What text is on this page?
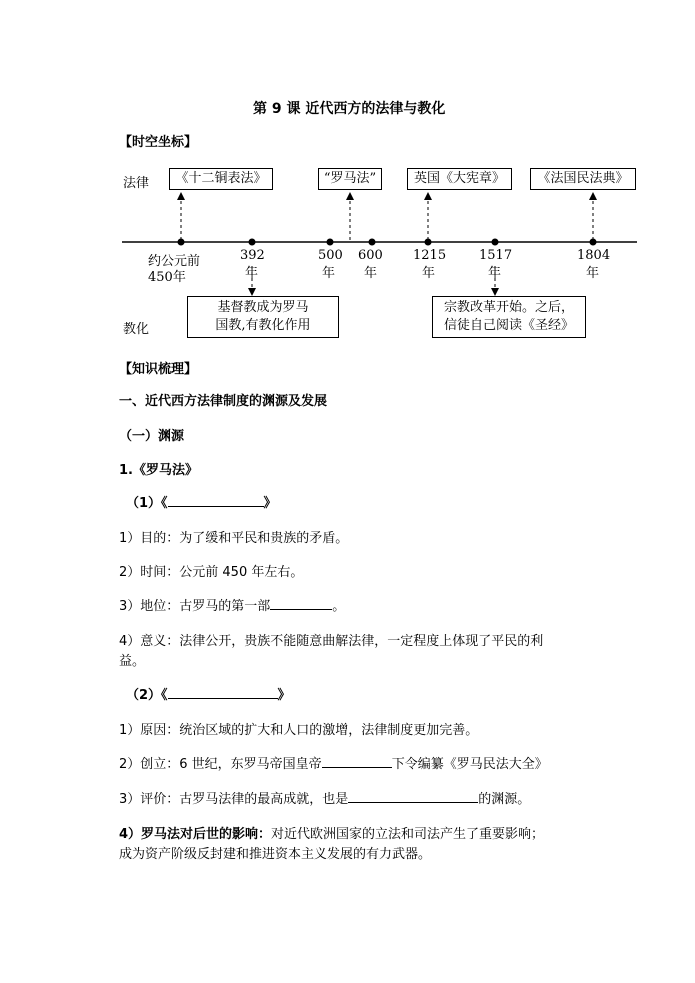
第 9 课 近代西方的法律与教化
【时空坐标】
法律
教化
《十二铜表法》	“罗马法”	英国《大宪章》	《法国民法典》
约公元前
450年
392
年
500
年
600
年
1215
年
1517
年
1804
年
基督教成为罗马
国教,有教化作用
宗教改革开始。之后，
信徒自己阅读《圣经》
【知识梳理】
一、近代西方法律制度的渊源及发展
（一）渊源
1.《罗马法》
（1）《	》
1）目的：为了缓和平民和贵族的矛盾。
2）时间：公元前 450 年左右。
3）地位：古罗马的第一部	。
4）意义：法律公开，贵族不能随意曲解法律，一定程度上体现了平民的利
益。
（2）《	》
1）原因：统治区域的扩大和人口的激增，法律制度更加完善。
2）创立：6 世纪，东罗马帝国皇帝	下令编纂《罗马民法大全》
3）评价：古罗马法律的最高成就，也是	的渊源。
4）罗马法对后世的影响：对近代欧洲国家的立法和司法产生了重要影响；
成为资产阶级反封建和推进资本主义发展的有力武器。
